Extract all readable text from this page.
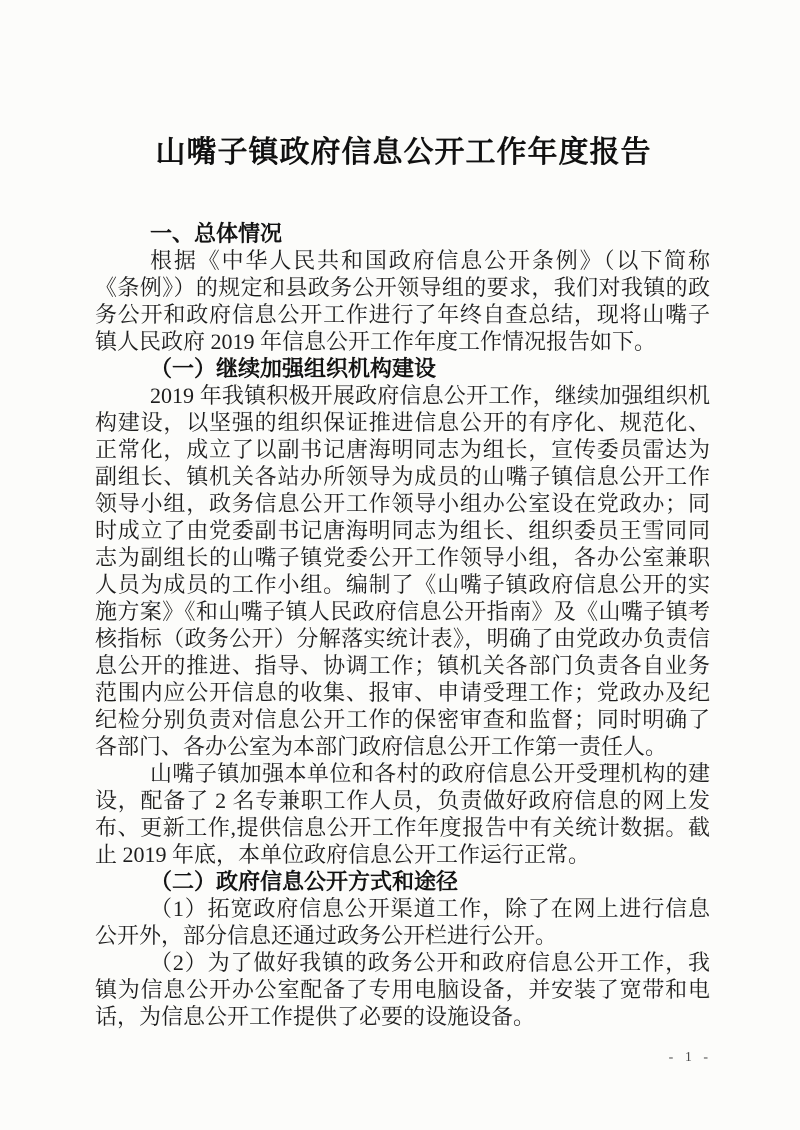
山嘴子镇政府信息公开工作年度报告
一、总体情况

根据《中华人民共和国政府信息公开条例》（以下简称《条例》）的规定和县政务公开领导组的要求，我们对我镇的政务公开和政府信息公开工作进行了年终自查总结，现将山嘴子镇人民政府 2019 年信息公开工作年度工作情况报告如下。

（一）继续加强组织机构建设

2019 年我镇积极开展政府信息公开工作，继续加强组织机构建设，以坚强的组织保证推进信息公开的有序化、规范化、正常化，成立了以副书记唐海明同志为组长，宣传委员雷达为副组长、镇机关各站办所领导为成员的山嘴子镇信息公开工作领导小组，政务信息公开工作领导小组办公室设在党政办；同时成立了由党委副书记唐海明同志为组长、组织委员王雪同同志为副组长的山嘴子镇党委公开工作领导小组，各办公室兼职人员为成员的工作小组。编制了《山嘴子镇政府信息公开的实施方案》《和山嘴子镇人民政府信息公开指南》及《山嘴子镇考核指标（政务公开）分解落实统计表》，明确了由党政办负责信息公开的推进、指导、协调工作；镇机关各部门负责各自业务范围内应公开信息的收集、报审、申请受理工作；党政办及纪纪检分别负责对信息公开工作的保密审查和监督；同时明确了各部门、各办公室为本部门政府信息公开工作第一责任人。

山嘴子镇加强本单位和各村的政府信息公开受理机构的建设，配备了 2 名专兼职工作人员，负责做好政府信息的网上发布、更新工作,提供信息公开工作年度报告中有关统计数据。截止 2019 年底，本单位政府信息公开工作运行正常。

（二）政府信息公开方式和途径

（1）拓宽政府信息公开渠道工作，除了在网上进行信息公开外，部分信息还通过政务公开栏进行公开。

（2）为了做好我镇的政务公开和政府信息公开工作，我镇为信息公开办公室配备了专用电脑设备，并安装了宽带和电话，为信息公开工作提供了必要的设施设备。

- 1 -
